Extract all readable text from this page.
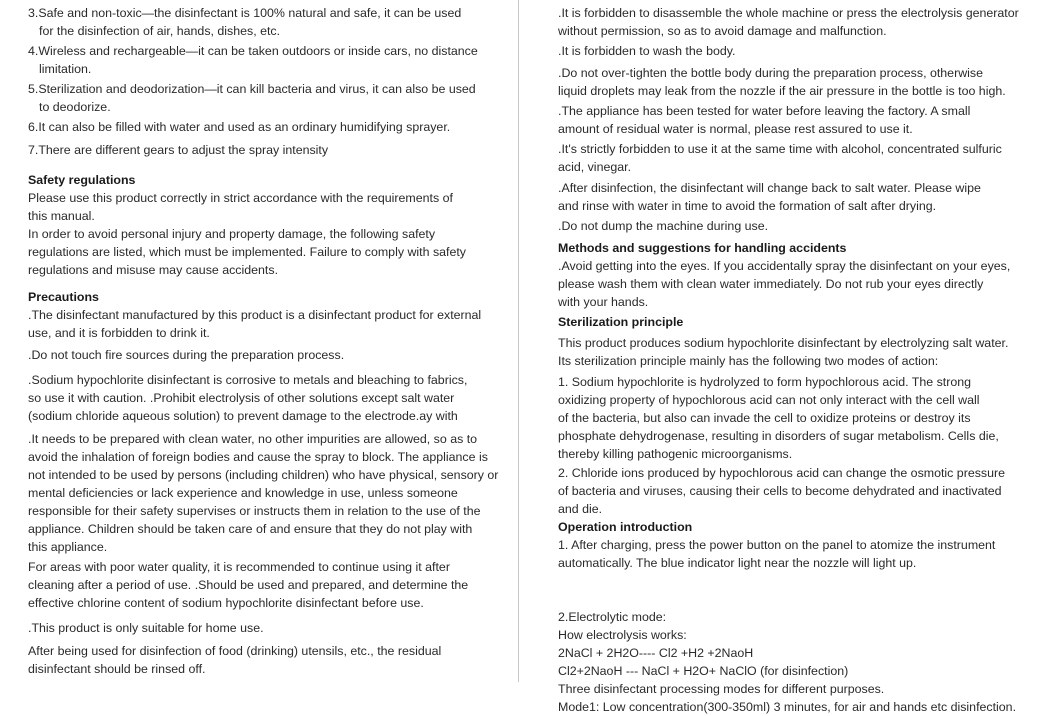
3.Safe and non-toxic—the disinfectant is 100% natural and safe, it can be used
for the disinfection of air, hands, dishes, etc.
4.Wireless and rechargeable—it can be taken outdoors or inside cars, no distance
limitation.
5.Sterilization and deodorization—it can kill bacteria and virus, it can also be used
to deodorize.
6.It can also be filled with water and used as an ordinary humidifying sprayer.
7.There are different gears to adjust the spray intensity
Safety regulations
Please use this product correctly in strict accordance with the requirements of
this manual.
In order to avoid personal injury and property damage, the following safety
regulations are listed, which must be implemented. Failure to comply with safety
regulations and misuse may cause accidents.
Precautions
.The disinfectant manufactured by this product is a disinfectant product for external
use, and it is forbidden to drink it.
.Do not touch fire sources during the preparation process.
.Sodium hypochlorite disinfectant is corrosive to metals and bleaching to fabrics,
so use it with caution. .Prohibit electrolysis of other solutions except salt water
(sodium chloride aqueous solution) to prevent damage to the electrode.ay with
.It needs to be prepared with clean water, no other impurities are allowed, so as to
avoid the inhalation of foreign bodies and cause the spray to block. The appliance is
not intended to be used by persons (including children) who have physical, sensory or
mental deficiencies or lack experience and knowledge in use, unless someone
responsible for their safety supervises or instructs them in relation to the use of the
appliance. Children should be taken care of and ensure that they do not play with
this appliance.
For areas with poor water quality, it is recommended to continue using it after
cleaning after a period of use. .Should be used and prepared, and determine the
effective chlorine content of sodium hypochlorite disinfectant before use.
.This product is only suitable for home use.
After being used for disinfection of food (drinking) utensils, etc., the residual
disinfectant should be rinsed off.
.It is forbidden to disassemble the whole machine or press the electrolysis generator
without permission, so as to avoid damage and malfunction.
.It is forbidden to wash the body.
.Do not over-tighten the bottle body during the preparation process, otherwise
liquid droplets may leak from the nozzle if the air pressure in the bottle is too high.
.The appliance has been tested for water before leaving the factory. A small
amount of residual water is normal, please rest assured to use it.
.It's strictly forbidden to use it at the same time with alcohol, concentrated sulfuric
acid, vinegar.
.After disinfection, the disinfectant will change back to salt water. Please wipe
and rinse with water in time to avoid the formation of salt after drying.
.Do not dump the machine during use.
Methods and suggestions for handling accidents
.Avoid getting into the eyes. If you accidentally spray the disinfectant on your eyes,
please wash them with clean water immediately. Do not rub your eyes directly
with your hands.
Sterilization principle
This product produces sodium hypochlorite disinfectant by electrolyzing salt water.
Its sterilization principle mainly has the following two modes of action:
1. Sodium hypochlorite is hydrolyzed to form hypochlorous acid. The strong
oxidizing property of hypochlorous acid can not only interact with the cell wall
of the bacteria, but also can invade the cell to oxidize proteins or destroy its
phosphate dehydrogenase, resulting in disorders of sugar metabolism. Cells die,
thereby killing pathogenic microorganisms.
2. Chloride ions produced by hypochlorous acid can change the osmotic pressure
of bacteria and viruses, causing their cells to become dehydrated and inactivated
and die.
Operation introduction
1. After charging, press the power button on the panel to atomize the instrument
automatically. The blue indicator light near the nozzle will light up.
2.Electrolytic mode:
How electrolysis works:
2NaCl + 2H2O---- Cl2 +H2 +2NaoH
Cl2+2NaoH --- NaCl + H2O+ NaClO (for disinfection)
Three disinfectant processing modes for different purposes.
Mode1: Low concentration(300-350ml) 3 minutes, for air and hands etc disinfection.
